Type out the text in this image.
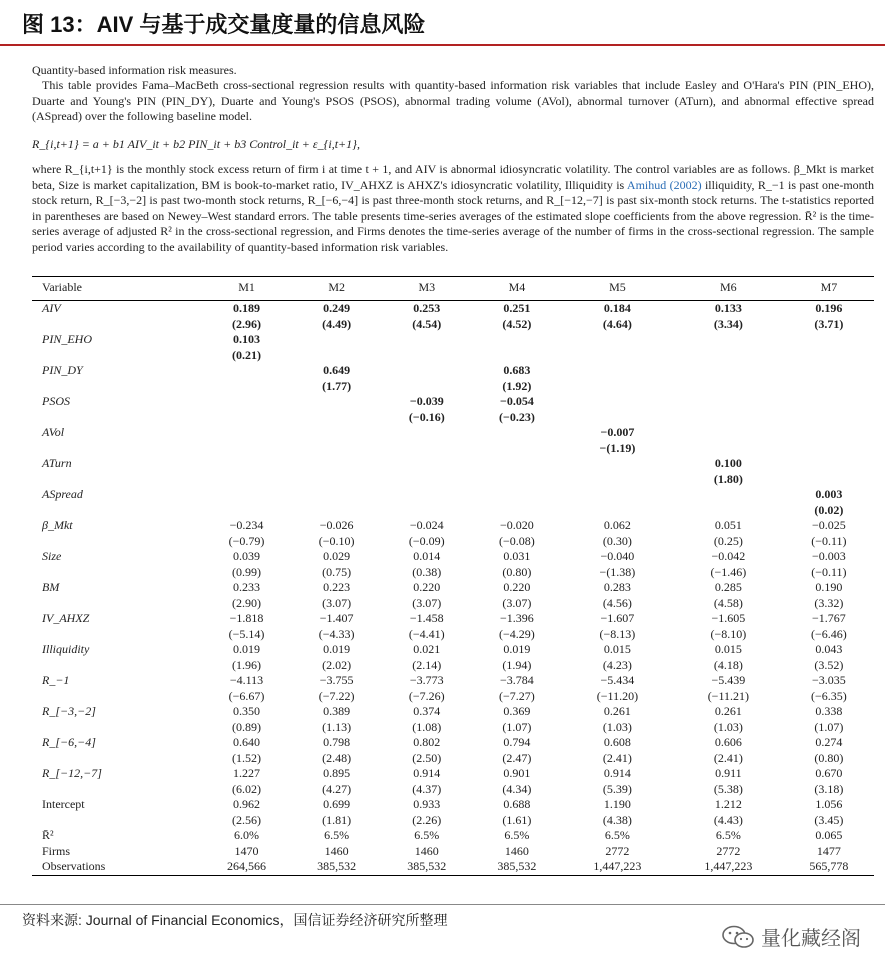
图 13：AIV 与基于成交量度量的信息风险
Quantity-based information risk measures.
This table provides Fama–MacBeth cross-sectional regression results with quantity-based information risk variables that include Easley and O'Hara's PIN (PIN_EHO), Duarte and Young's PIN (PIN_DY), Duarte and Young's PSOS (PSOS), abnormal trading volume (AVol), abnormal turnover (ATurn), and abnormal effective spread (ASpread) over the following baseline model.
R_{i,t+1} = a + b1 AIV_it + b2 PIN_it + b3 Control_it + ε_{i,t+1},
where R_{i,t+1} is the monthly stock excess return of firm i at time t + 1, and AIV is abnormal idiosyncratic volatility. The control variables are as follows. β_Mkt is market beta, Size is market capitalization, BM is book-to-market ratio, IV_AHXZ is AHXZ's idiosyncratic volatility, Illiquidity is Amihud (2002) illiquidity, R_−1 is past one-month stock return, R_[−3,−2] is past two-month stock returns, R_[−6,−4] is past three-month stock returns, and R_[−12,−7] is past six-month stock returns. The t-statistics reported in parentheses are based on Newey–West standard errors. The table presents time-series averages of the estimated slope coefficients from the above regression. R̄² is the time-series average of adjusted R² in the cross-sectional regression, and Firms denotes the time-series average of the number of firms in the cross-sectional regression. The sample period varies according to the availability of quantity-based information risk variables.
Variable	M1	M2	M3	M4	M5	M6	M7
AIV	0.189	0.249	0.253	0.251	0.184	0.133	0.196
	(2.96)	(4.49)	(4.54)	(4.52)	(4.64)	(3.34)	(3.71)
PIN_EHO	0.103						
	(0.21)						
PIN_DY		0.649		0.683			
		(1.77)		(1.92)			
PSOS			−0.039	−0.054			
			(−0.16)	(−0.23)			
AVol					−0.007		
					−(1.19)		
ATurn						0.100	
						(1.80)	
ASpread							0.003
							(0.02)
β_Mkt	−0.234	−0.026	−0.024	−0.020	0.062	0.051	−0.025
	(−0.79)	(−0.10)	(−0.09)	(−0.08)	(0.30)	(0.25)	(−0.11)
Size	0.039	0.029	0.014	0.031	−0.040	−0.042	−0.003
	(0.99)	(0.75)	(0.38)	(0.80)	−(1.38)	(−1.46)	(−0.11)
BM	0.233	0.223	0.220	0.220	0.283	0.285	0.190
	(2.90)	(3.07)	(3.07)	(3.07)	(4.56)	(4.58)	(3.32)
IV_AHXZ	−1.818	−1.407	−1.458	−1.396	−1.607	−1.605	−1.767
	(−5.14)	(−4.33)	(−4.41)	(−4.29)	(−8.13)	(−8.10)	(−6.46)
Illiquidity	0.019	0.019	0.021	0.019	0.015	0.015	0.043
	(1.96)	(2.02)	(2.14)	(1.94)	(4.23)	(4.18)	(3.52)
R_−1	−4.113	−3.755	−3.773	−3.784	−5.434	−5.439	−3.035
	(−6.67)	(−7.22)	(−7.26)	(−7.27)	(−11.20)	(−11.21)	(−6.35)
R_[−3,−2]	0.350	0.389	0.374	0.369	0.261	0.261	0.338
	(0.89)	(1.13)	(1.08)	(1.07)	(1.03)	(1.03)	(1.07)
R_[−6,−4]	0.640	0.798	0.802	0.794	0.608	0.606	0.274
	(1.52)	(2.48)	(2.50)	(2.47)	(2.41)	(2.41)	(0.80)
R_[−12,−7]	1.227	0.895	0.914	0.901	0.914	0.911	0.670
	(6.02)	(4.27)	(4.37)	(4.34)	(5.39)	(5.38)	(3.18)
Intercept	0.962	0.699	0.933	0.688	1.190	1.212	1.056
	(2.56)	(1.81)	(2.26)	(1.61)	(4.38)	(4.43)	(3.45)
R̄²	6.0%	6.5%	6.5%	6.5%	6.5%	6.5%	0.065
Firms	1470	1460	1460	1460	2772	2772	1477
Observations	264,566	385,532	385,532	385,532	1,447,223	1,447,223	565,778
资料来源: Journal of Financial Economics，国信证券经济研究所整理
量化藏经阁
